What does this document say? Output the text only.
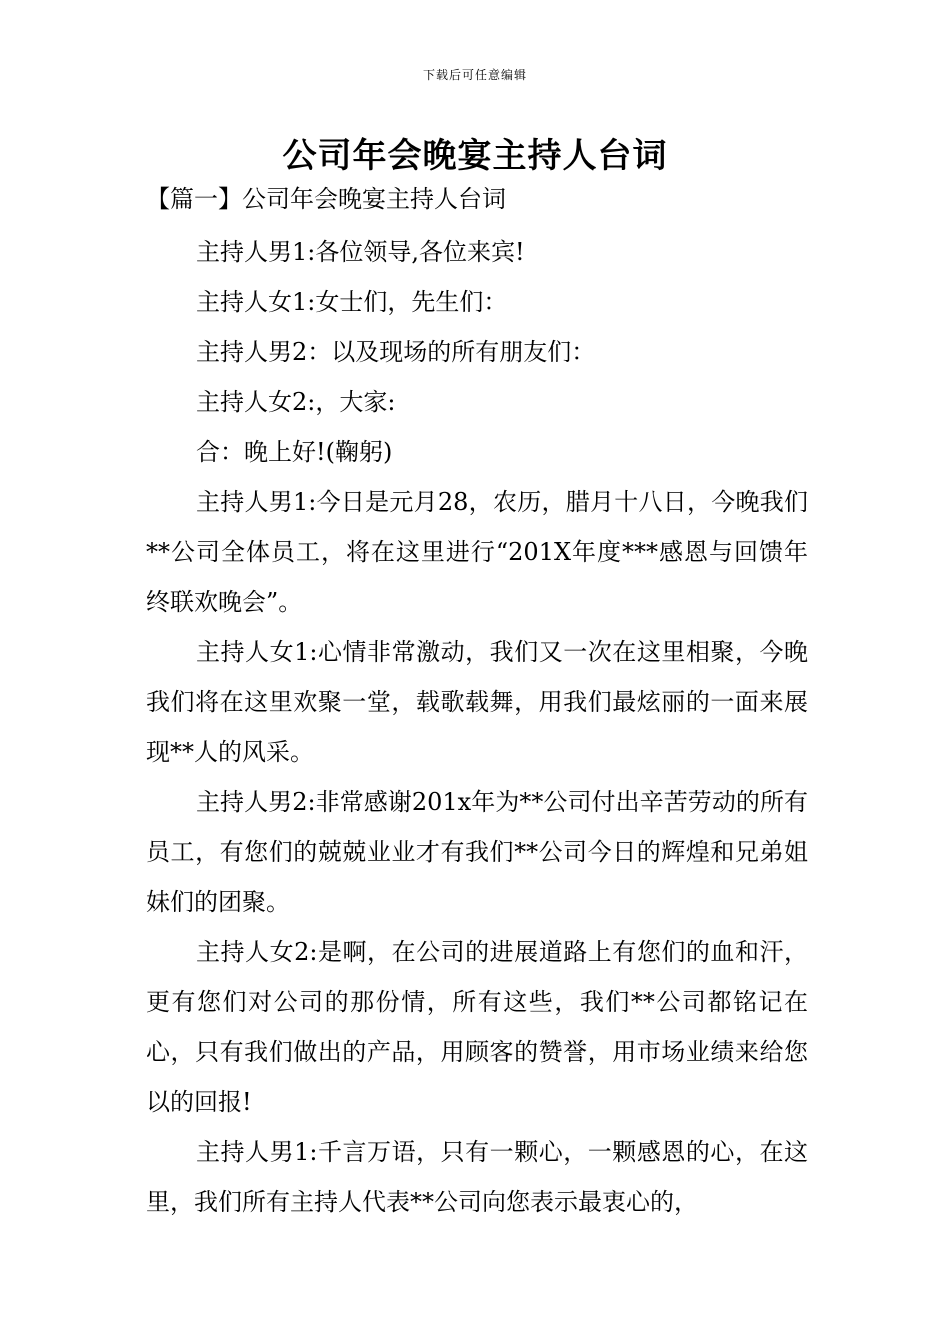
下载后可任意编辑
公司年会晚宴主持人台词
【篇一】公司年会晚宴主持人台词

主持人男1:各位领导,各位来宾!

主持人女1:女士们，先生们：

主持人男2：以及现场的所有朋友们：

主持人女2:，大家:

合：晚上好!(鞠躬)

主持人男1:今日是元月28，农历，腊月十八日，今晚我们**公司全体员工，将在这里进行“201X年度***感恩与回馈年终联欢晚会”。

主持人女1:心情非常激动，我们又一次在这里相聚，今晚我们将在这里欢聚一堂，载歌载舞，用我们最炫丽的一面来展现**人的风采。

主持人男2:非常感谢201x年为**公司付出辛苦劳动的所有员工，有您们的兢兢业业才有我们**公司今日的辉煌和兄弟姐妹们的团聚。

主持人女2:是啊，在公司的进展道路上有您们的血和汗，更有您们对公司的那份情，所有这些，我们**公司都铭记在心，只有我们做出的产品，用顾客的赞誉，用市场业绩来给您以的回报!

主持人男1:千言万语，只有一颗心，一颗感恩的心，在这里，我们所有主持人代表**公司向您表示最衷心的，
